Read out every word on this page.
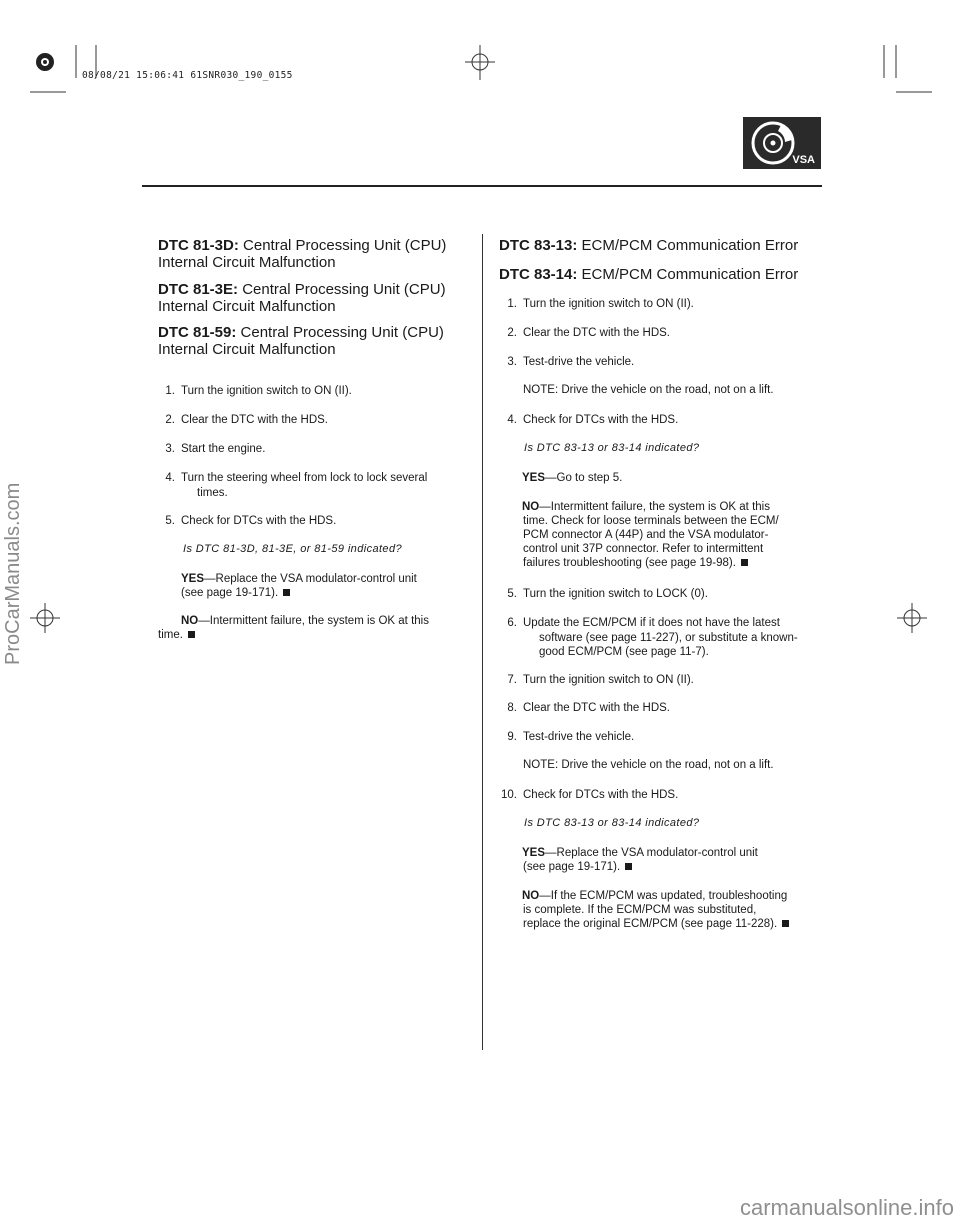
08/08/21 15:06:41 61SNR030_190_0155
VSA
DTC 81-3D: Central Processing Unit (CPU)
Internal Circuit Malfunction
DTC 81-3E: Central Processing Unit (CPU)
Internal Circuit Malfunction
DTC 81-59: Central Processing Unit (CPU)
Internal Circuit Malfunction
1. Turn the ignition switch to ON (II).
2. Clear the DTC with the HDS.
3. Start the engine.
4. Turn the steering wheel from lock to lock several
times.
5. Check for DTCs with the HDS.
Is DTC 81-3D, 81-3E, or 81-59 indicated?
YES—Replace the VSA modulator-control unit
(see page 19-171).
NO—Intermittent failure, the system is OK at this
time.
DTC 83-13: ECM/PCM Communication Error
DTC 83-14: ECM/PCM Communication Error
1. Turn the ignition switch to ON (II).
2. Clear the DTC with the HDS.
3. Test-drive the vehicle.
NOTE: Drive the vehicle on the road, not on a lift.
4. Check for DTCs with the HDS.
Is DTC 83-13 or 83-14 indicated?
YES—Go to step 5.
NO—Intermittent failure, the system is OK at this
time. Check for loose terminals between the ECM/
PCM connector A (44P) and the VSA modulator-
control unit 37P connector. Refer to intermittent
failures troubleshooting (see page 19-98).
5. Turn the ignition switch to LOCK (0).
6. Update the ECM/PCM if it does not have the latest
software (see page 11-227), or substitute a known-
good ECM/PCM (see page 11-7).
7. Turn the ignition switch to ON (II).
8. Clear the DTC with the HDS.
9. Test-drive the vehicle.
NOTE: Drive the vehicle on the road, not on a lift.
10. Check for DTCs with the HDS.
Is DTC 83-13 or 83-14 indicated?
YES—Replace the VSA modulator-control unit
(see page 19-171).
NO—If the ECM/PCM was updated, troubleshooting
is complete. If the ECM/PCM was substituted,
replace the original ECM/PCM (see page 11-228).
ProCarManuals.com
carmanualsonline.info
